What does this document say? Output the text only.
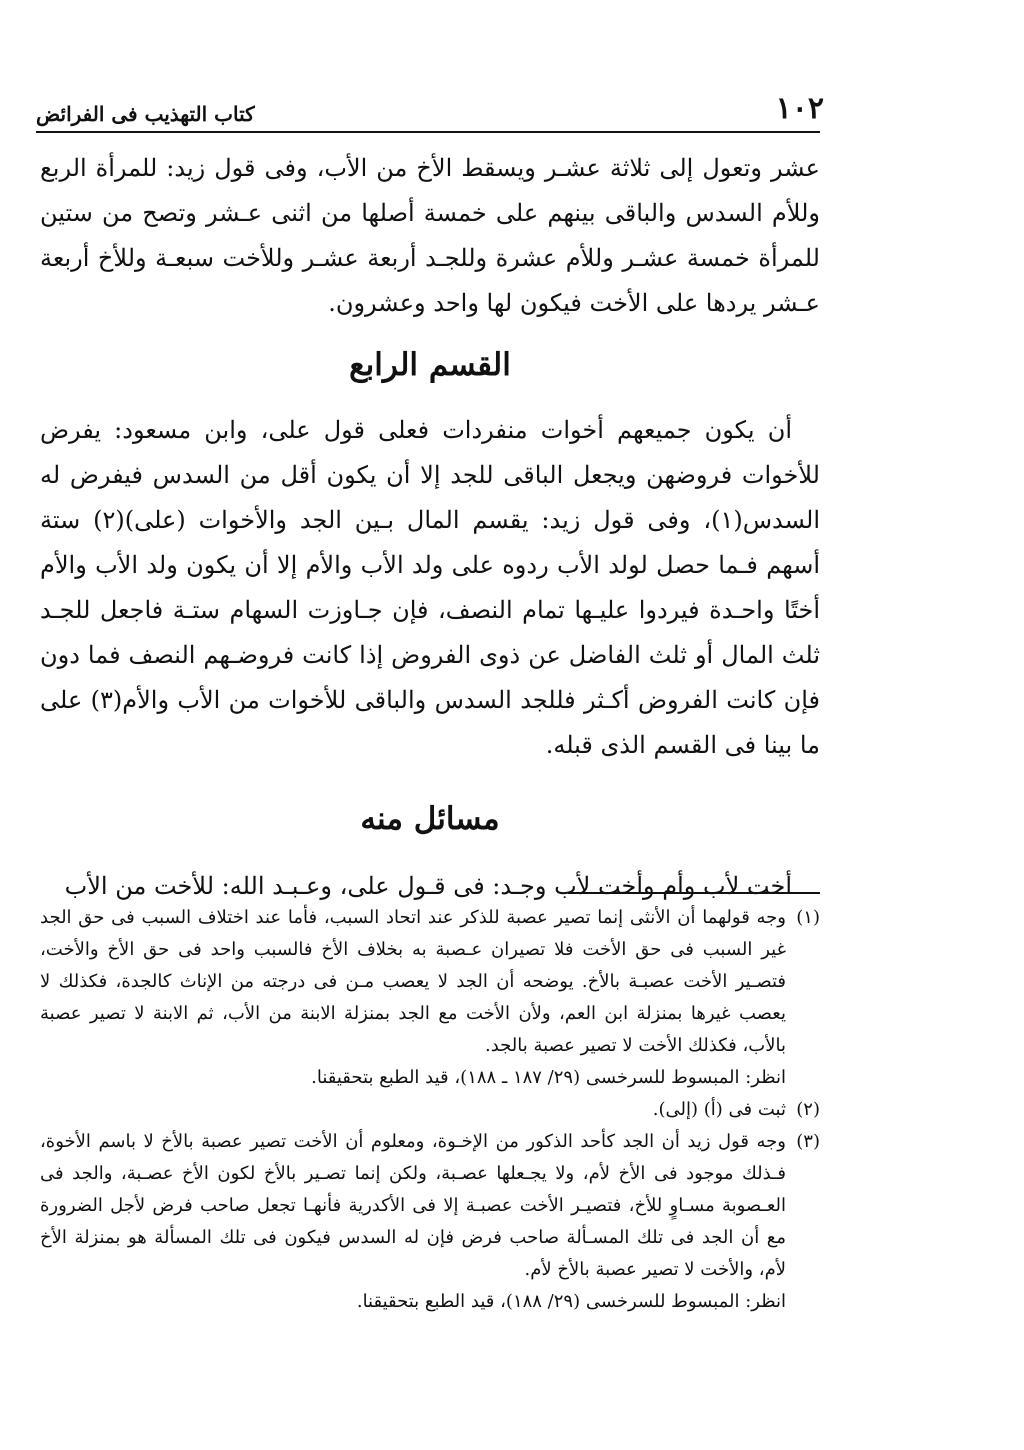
١٠٢
كتاب التهذيب فى الفرائض

عشر وتعول إلى ثلاثة عشـر ويسقط الأخ من الأب، وفى قول زيد: للمرأة الربع وللأم السدس والباقى بينهم على خمسة أصلها من اثنى عـشر وتصح من ستين للمرأة خمسة عشـر وللأم عشرة وللجـد أربعة عشـر وللأخت سبعـة وللأخ أربعة عـشر يردها على الأخت فيكون لها واحد وعشرون.

القسم الرابع

أن يكون جميعهم أخوات منفردات فعلى قول على، وابن مسعود: يفرض للأخوات فروضهن ويجعل الباقى للجد إلا أن يكون أقل من السدس فيفرض له السدس(١)، وفى قول زيد: يقسم المال بـين الجد والأخوات (على)(٢) ستة أسهم فـما حصل لولد الأب ردوه على ولد الأب والأم إلا أن يكون ولد الأب والأم أختًا واحـدة فيردوا عليـها تمام النصف، فإن جـاوزت السهام ستـة فاجعل للجـد ثلث المال أو ثلث الفاضل عن ذوى الفروض إذا كانت فروضـهم النصف فما دون فإن كانت الفروض أكـثر فللجد السدس والباقى للأخوات من الأب والأم(٣) على ما بينا فى القسم الذى قبله.

مسائل منه

أخت لأب وأم وأخت لأب وجـد: فى قـول على، وعـبـد الله: للأخت من الأب

(١)

وجه قولهما أن الأنثى إنما تصير عصبة للذكر عند اتحاد السبب، فأما عند اختلاف السبب فى حق الجد غير السبب فى حق الأخت فلا تصيران عـصبة به بخلاف الأخ فالسبب واحد فى حق الأخ والأخت، فتصـير الأخت عصبـة بالأخ. يوضحه أن الجد لا يعصب مـن فى درجته من الإناث كالجدة، فكذلك لا يعصب غيرها بمنزلة ابن العم، ولأن الأخت مع الجد بمنزلة الابنة من الأب، ثم الابنة لا تصير عصبة بالأب، فكذلك الأخت لا تصير عصبة بالجد.

انظر: المبسوط للسرخسى (٢٩/ ١٨٧ ـ ١٨٨)، قيد الطبع بتحقيقنا.

(٢)

ثبت فى (أ) (إلى).

(٣)

وجه قول زيد أن الجد كأحد الذكور من الإخـوة، ومعلوم أن الأخت تصير عصبة بالأخ لا باسم الأخوة، فـذلك موجود فى الأخ لأم، ولا يجـعلها عصـبة، ولكن إنما تصـير بالأخ لكون الأخ عصـبة، والجد فى العـصوبة مسـاوٍ للأخ، فتصيـر الأخت عصبـة إلا فى الأكدرية فأنهـا تجعل صاحب فرض لأجل الضرورة مع أن الجد فى تلك المسـألة صاحب فرض فإن له السدس فيكون فى تلك المسألة هو بمنزلة الأخ لأم، والأخت لا تصير عصبة بالأخ لأم.

انظر: المبسوط للسرخسى (٢٩/ ١٨٨)، قيد الطبع بتحقيقنا.
